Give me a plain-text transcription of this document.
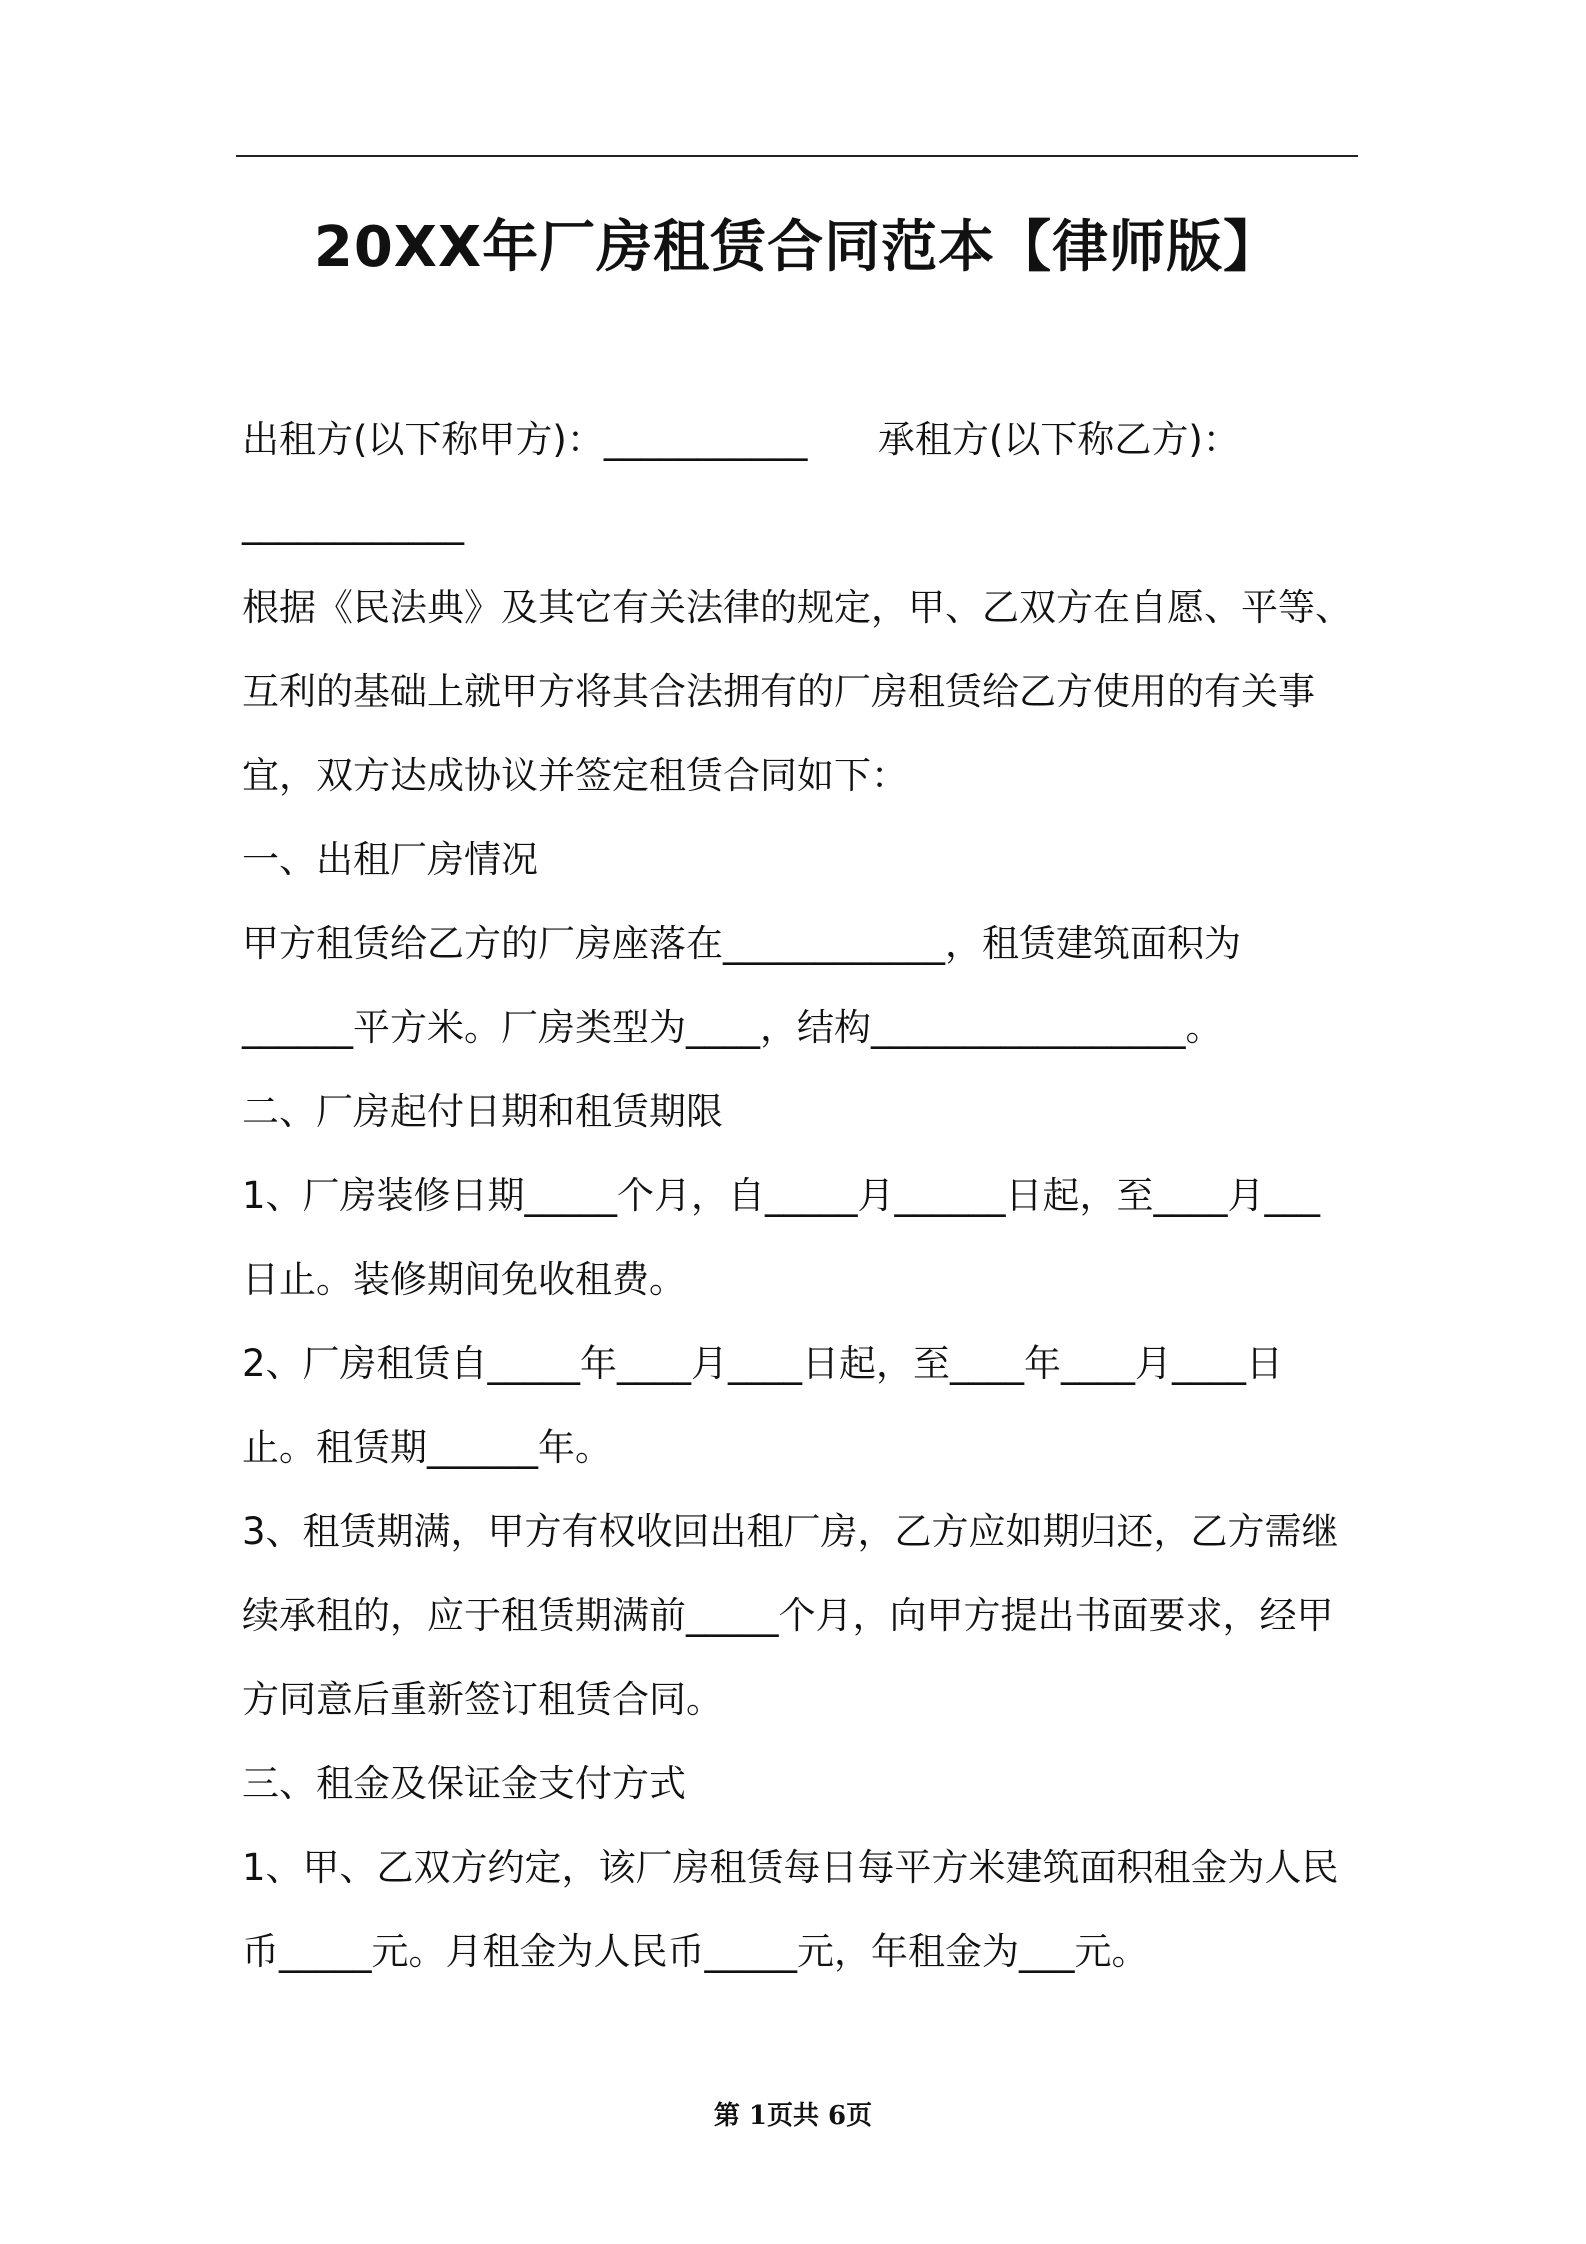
20XX年厂房租赁合同范本【律师版】

出租方(以下称甲方)：___________      承租方(以下称乙方)：

____________

根据《民法典》及其它有关法律的规定，甲、乙双方在自愿、平等、

互利的基础上就甲方将其合法拥有的厂房租赁给乙方使用的有关事

宜，双方达成协议并签定租赁合同如下：

一、出租厂房情况

甲方租赁给乙方的厂房座落在____________，租赁建筑面积为

______平方米。厂房类型为____，结构_________________。

二、厂房起付日期和租赁期限

1、厂房装修日期_____个月，自_____月______日起，至____月___

日止。装修期间免收租费。

2、厂房租赁自_____年____月____日起，至____年____月____日

止。租赁期______年。

3、租赁期满，甲方有权收回出租厂房，乙方应如期归还，乙方需继

续承租的，应于租赁期满前_____个月，向甲方提出书面要求，经甲

方同意后重新签订租赁合同。

三、租金及保证金支付方式

1、甲、乙双方约定，该厂房租赁每日每平方米建筑面积租金为人民

币_____元。月租金为人民币_____元，年租金为___元。

第 1页共 6页
